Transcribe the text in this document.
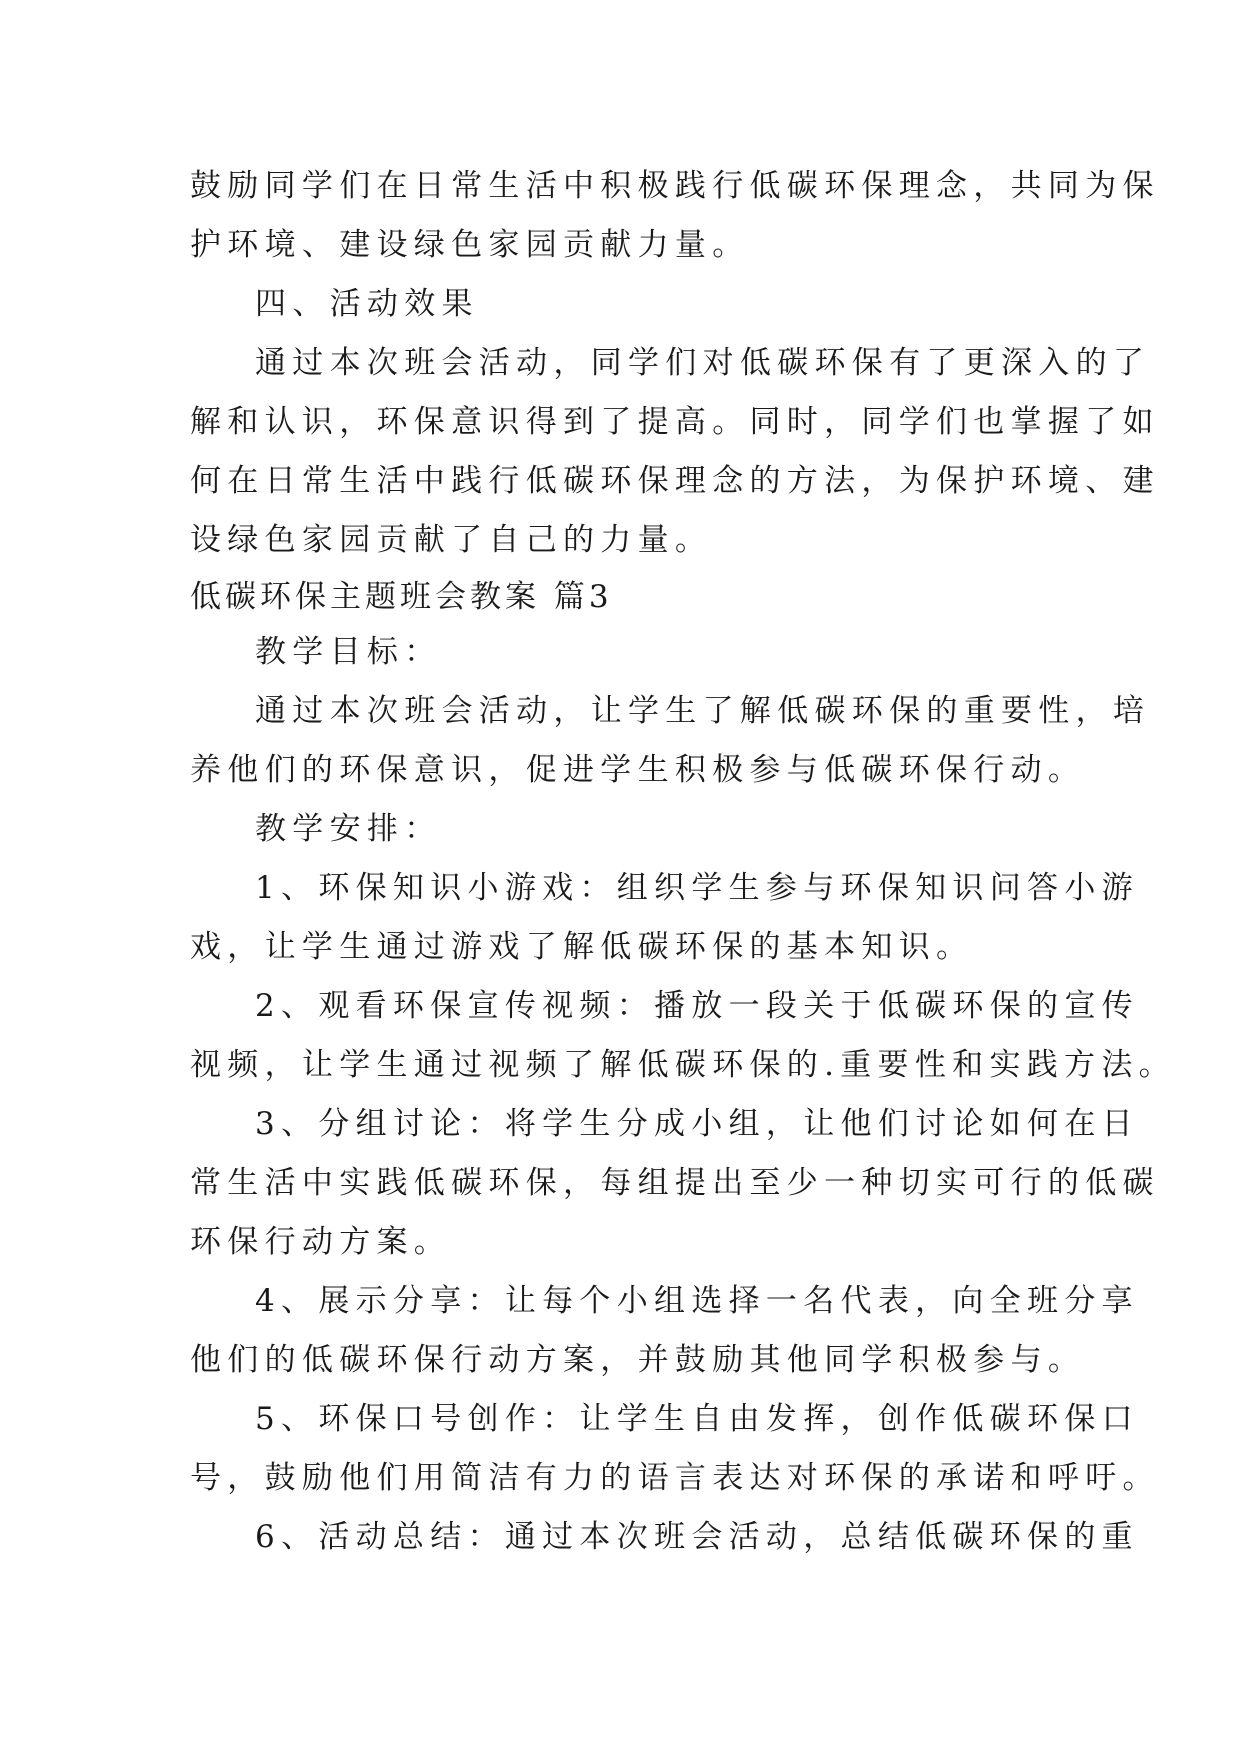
鼓励同学们在日常生活中积极践行低碳环保理念，共同为保
护环境、建设绿色家园贡献力量。
四、活动效果
通过本次班会活动，同学们对低碳环保有了更深入的了
解和认识，环保意识得到了提高。同时，同学们也掌握了如
何在日常生活中践行低碳环保理念的方法，为保护环境、建
设绿色家园贡献了自己的力量。
低碳环保主题班会教案 篇3
教学目标：
通过本次班会活动，让学生了解低碳环保的重要性，培
养他们的环保意识，促进学生积极参与低碳环保行动。
教学安排：
1、环保知识小游戏：组织学生参与环保知识问答小游
戏，让学生通过游戏了解低碳环保的基本知识。
2、观看环保宣传视频：播放一段关于低碳环保的宣传
视频，让学生通过视频了解低碳环保的.重要性和实践方法。
3、分组讨论：将学生分成小组，让他们讨论如何在日
常生活中实践低碳环保，每组提出至少一种切实可行的低碳
环保行动方案。
4、展示分享：让每个小组选择一名代表，向全班分享
他们的低碳环保行动方案，并鼓励其他同学积极参与。
5、环保口号创作：让学生自由发挥，创作低碳环保口
号，鼓励他们用简洁有力的语言表达对环保的承诺和呼吁。
6、活动总结：通过本次班会活动，总结低碳环保的重
